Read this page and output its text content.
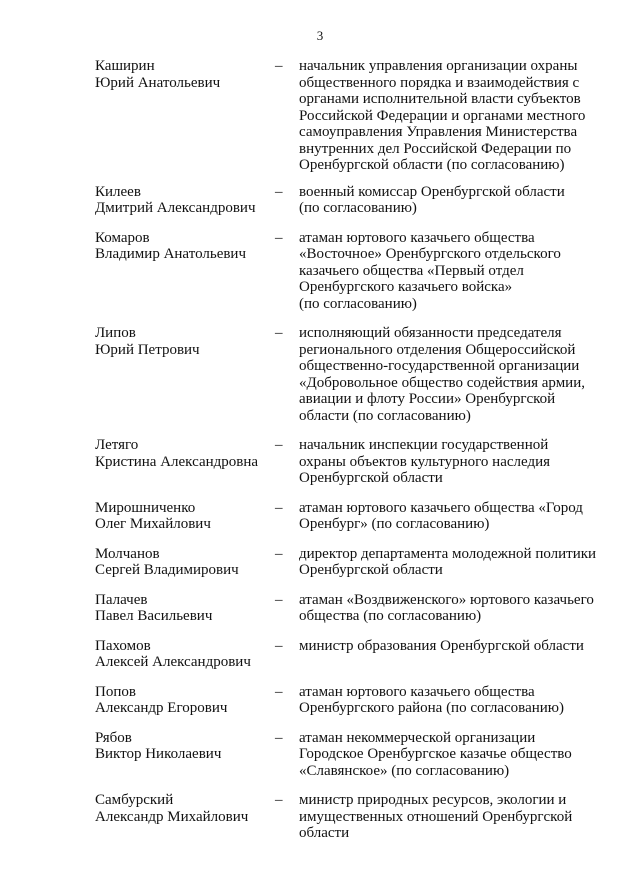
3
Каширин
Юрий Анатольевич
–	начальник управления организации охраны
общественного порядка и взаимодействия с
органами исполнительной власти субъектов
Российской Федерации и органами местного
самоуправления Управления Министерства
внутренних дел Российской Федерации по
Оренбургской области (по согласованию)
Килеев
Дмитрий Александрович
–	военный комиссар Оренбургской области
(по согласованию)
Комаров
Владимир Анатольевич
–	атаман юртового казачьего общества
«Восточное» Оренбургского отдельского
казачьего общества «Первый отдел
Оренбургского казачьего войска»
(по согласованию)
Липов
Юрий Петрович
–	исполняющий обязанности председателя
регионального отделения Общероссийской
общественно-государственной организации
«Добровольное общество содействия армии,
авиации и флоту России» Оренбургской
области (по согласованию)
Летяго
Кристина Александровна
–	начальник инспекции государственной
охраны объектов культурного наследия
Оренбургской области
Мирошниченко
Олег Михайлович
–	атаман юртового казачьего общества «Город
Оренбург» (по согласованию)
Молчанов
Сергей Владимирович
–	директор департамента молодежной политики
Оренбургской области
Палачев
Павел Васильевич
–	атаман «Воздвиженского» юртового казачьего
общества (по согласованию)
Пахомов
Алексей Александрович
–	министр образования Оренбургской области
Попов
Александр Егорович
–	атаман юртового казачьего общества
Оренбургского района (по согласованию)
Рябов
Виктор Николаевич
–	атаман некоммерческой организации
Городское Оренбургское казачье общество
«Славянское» (по согласованию)
Самбурский
Александр Михайлович
–	министр природных ресурсов, экологии и
имущественных отношений Оренбургской
области
